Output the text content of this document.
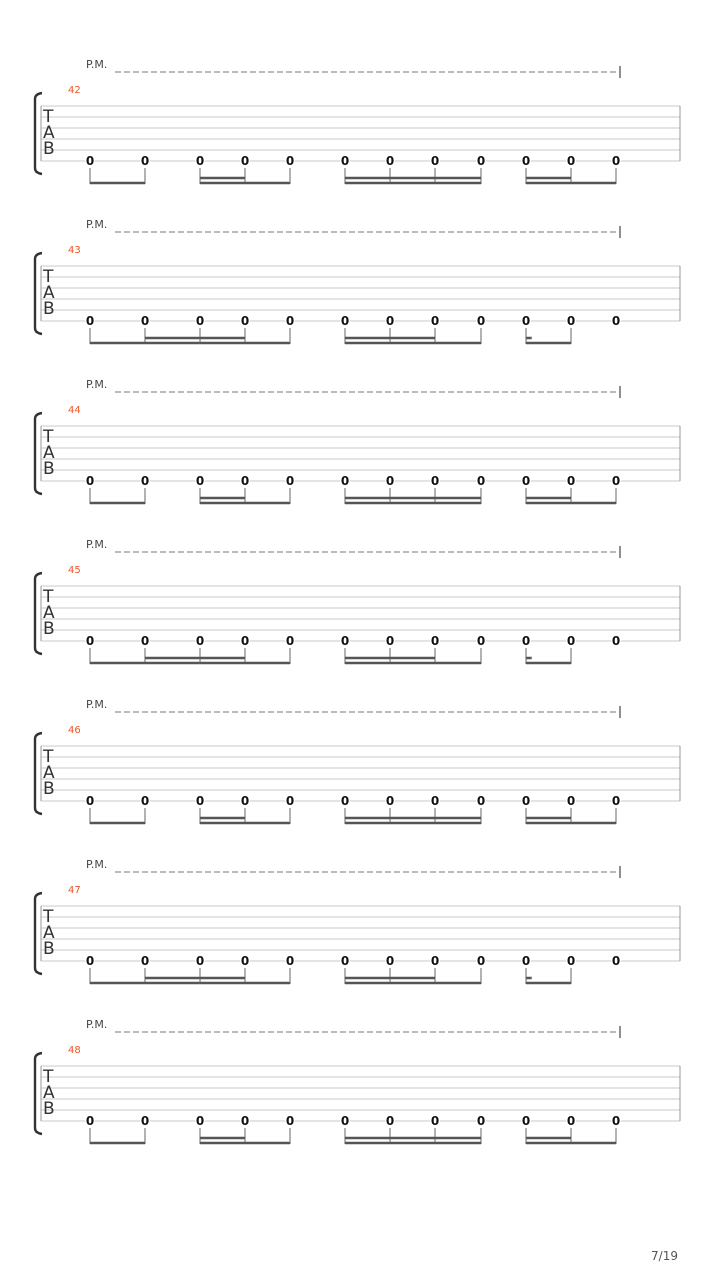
P.M.
42
T
A
B
0	0	0	0	0	0	0	0	0	0	0	0
P.M.
43
T
A
B
0	0	0	0	0	0	0	0	0	0	0	0
P.M.
44
T
A
B
0	0	0	0	0	0	0	0	0	0	0	0
P.M.
45
T
A
B
0	0	0	0	0	0	0	0	0	0	0	0
P.M.
46
T
A
B
0	0	0	0	0	0	0	0	0	0	0	0
P.M.
47
T
A
B
0	0	0	0	0	0	0	0	0	0	0	0
P.M.
48
T
A
B
0	0	0	0	0	0	0	0	0	0	0	0
7/19
